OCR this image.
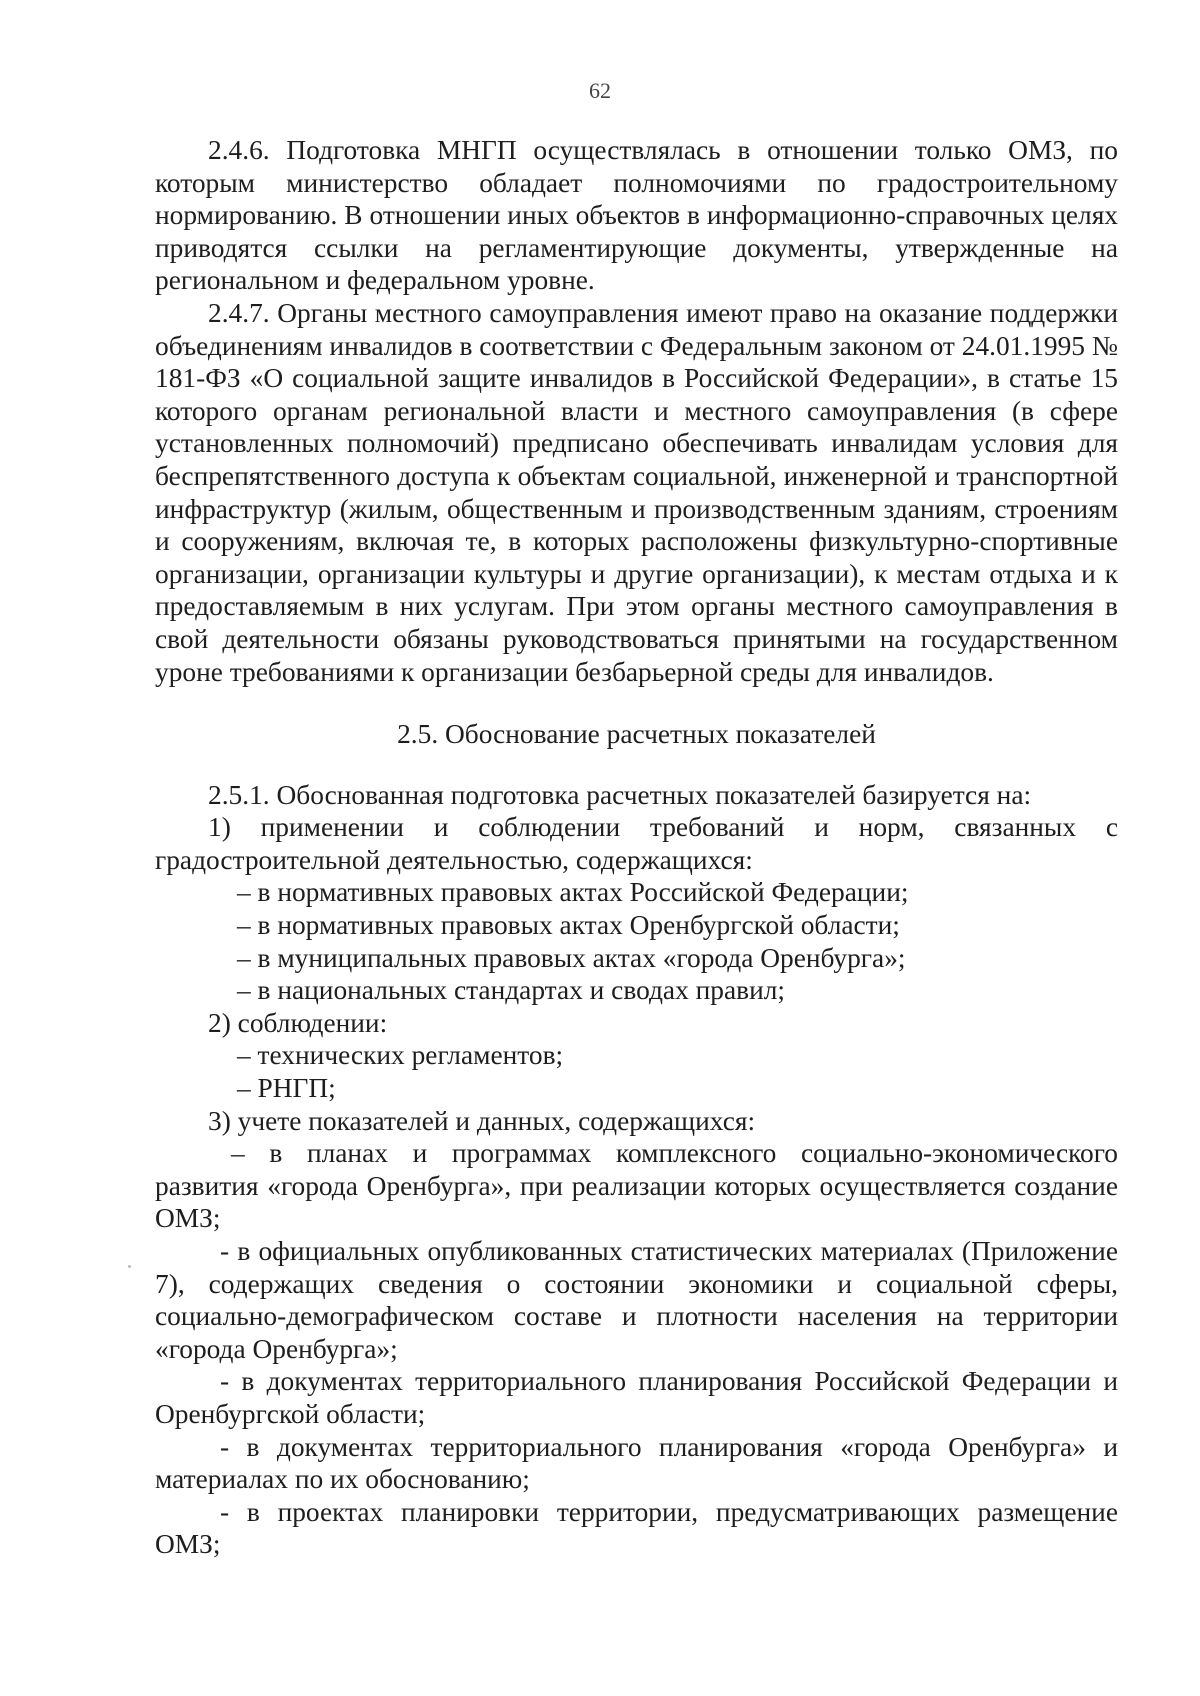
62

2.4.6. Подготовка МНГП осуществлялась в отношении только ОМЗ, по которым министерство обладает полномочиями по градостроительному нормированию. В отношении иных объектов в информационно-справочных целях приводятся ссылки на регламентирующие документы, утвержденные на региональном и федеральном уровне.

2.4.7. Органы местного самоуправления имеют право на оказание поддержки объединениям инвалидов в соответствии с Федеральным законом от 24.01.1995 № 181-ФЗ «О социальной защите инвалидов в Российской Федерации», в статье 15 которого органам региональной власти и местного самоуправления (в сфере установленных полномочий) предписано обеспечивать инвалидам условия для беспрепятственного доступа к объектам социальной, инженерной и транспортной инфраструктур (жилым, общественным и производственным зданиям, строениям и сооружениям, включая те, в которых расположены физкультурно-спортивные организации, организации культуры и другие организации), к местам отдыха и к предоставляемым в них услугам. При этом органы местного самоуправления в свой деятельности обязаны руководствоваться принятыми на государственном уроне требованиями к организации безбарьерной среды для инвалидов.

2.5. Обоснование расчетных показателей

2.5.1. Обоснованная подготовка расчетных показателей базируется на:

1) применении и соблюдении требований и норм, связанных с градостроительной деятельностью, содержащихся:

– в нормативных правовых актах Российской Федерации;

– в нормативных правовых актах Оренбургской области;

– в муниципальных правовых актах «города Оренбурга»;

– в национальных стандартах и сводах правил;

2) соблюдении:

– технических регламентов;

– РНГП;

3) учете показателей и данных, содержащихся:

– в планах и программах комплексного социально-экономического развития «города Оренбурга», при реализации которых осуществляется создание ОМЗ;

- в официальных опубликованных статистических материалах (Приложение 7), содержащих сведения о состоянии экономики и социальной сферы, социально-демографическом составе и плотности населения на территории «города Оренбурга»;

- в документах территориального планирования Российской Федерации и Оренбургской области;

- в документах территориального планирования «города Оренбурга» и материалах по их обоснованию;

- в проектах планировки территории, предусматривающих размещение ОМЗ;
